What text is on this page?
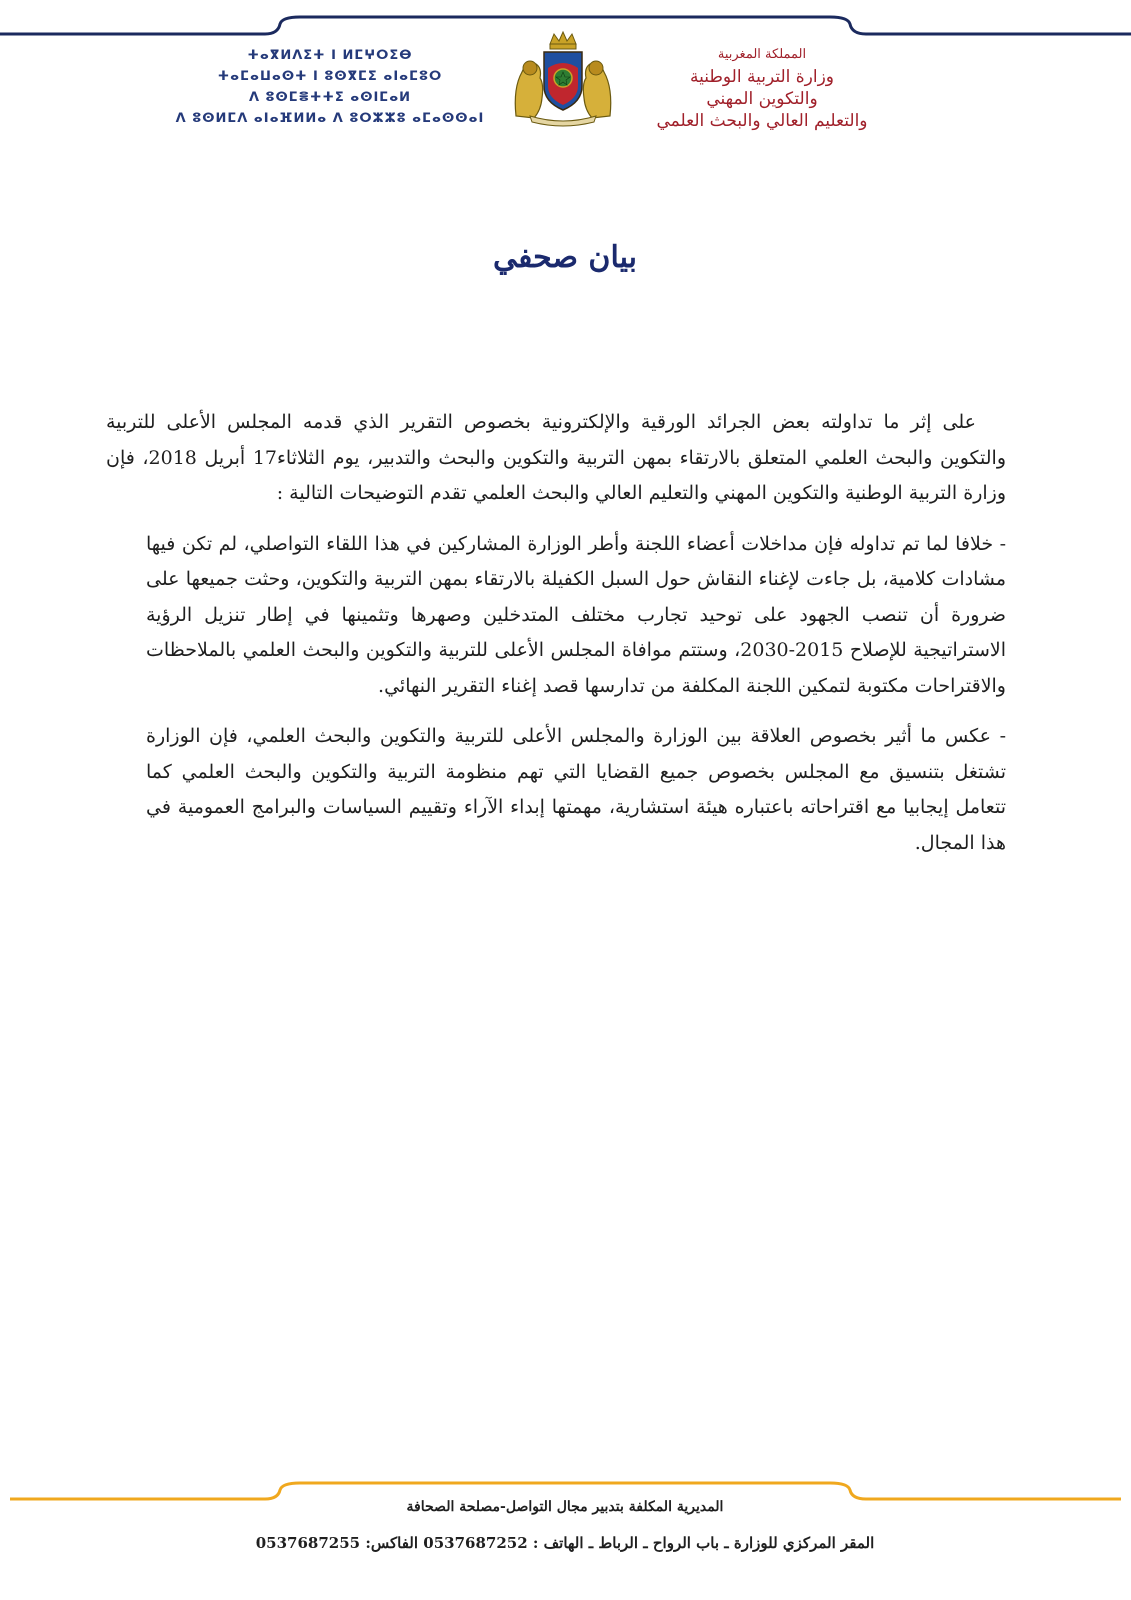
ⵜⴰⴳⵍⴷⵉⵜ ⵏ ⵍⵎⵖⵔⵉⴱ
ⵜⴰⵎⴰⵡⴰⵙⵜ ⵏ ⵓⵙⴳⵎⵉ ⴰⵏⴰⵎⵓⵔ
ⴷ ⵓⵙⵎⴻⵜⵜⵉ ⴰⵙⵏⵎⴰⵍ
ⴷ ⵓⵙⵍⵎⴷ ⴰⵏⴰⴼⵍⵍⴰ ⴷ ⵓⵔⵣⵣⵓ ⴰⵎⴰⵙⵙⴰⵏ
المملكة المغربية
وزارة التربية الوطنية
والتكوين المهني
والتعليم العالي والبحث العلمي
بيان صحفي

على إثر ما تداولته بعض الجرائد الورقية والإلكترونية بخصوص التقرير الذي قدمه المجلس الأعلى للتربية والتكوين والبحث العلمي المتعلق بالارتقاء بمهن التربية والتكوين والبحث والتدبير، يوم الثلاثاء17 أبريل 2018، فإن وزارة التربية الوطنية والتكوين المهني والتعليم العالي والبحث العلمي تقدم التوضيحات التالية :

- خلافا لما تم تداوله فإن مداخلات أعضاء اللجنة وأطر الوزارة المشاركين في هذا اللقاء التواصلي، لم تكن فيها مشادات كلامية، بل جاءت لإغناء النقاش حول السبل الكفيلة بالارتقاء بمهن التربية والتكوين، وحثت جميعها على ضرورة أن تنصب الجهود على توحيد تجارب مختلف المتدخلين وصهرها وتثمينها في إطار تنزيل الرؤية الاستراتيجية للإصلاح 2015-2030، وستتم موافاة المجلس الأعلى للتربية والتكوين والبحث العلمي بالملاحظات والاقتراحات مكتوبة لتمكين اللجنة المكلفة من تدارسها قصد إغناء التقرير النهائي.

- عكس ما أثير بخصوص العلاقة بين الوزارة والمجلس الأعلى للتربية والتكوين والبحث العلمي، فإن الوزارة تشتغل بتنسيق مع المجلس بخصوص جميع القضايا التي تهم منظومة التربية والتكوين والبحث العلمي كما تتعامل إيجابيا مع اقتراحاته باعتباره هيئة استشارية، مهمتها إبداء الآراء وتقييم السياسات والبرامج العمومية في هذا المجال.

المديرية المكلفة بتدبير مجال التواصل-مصلحة الصحافة
المقر المركزي للوزارة ـ باب الرواح ـ الرباط ـ الهاتف : 0537687252 الفاكس: 0537687255
